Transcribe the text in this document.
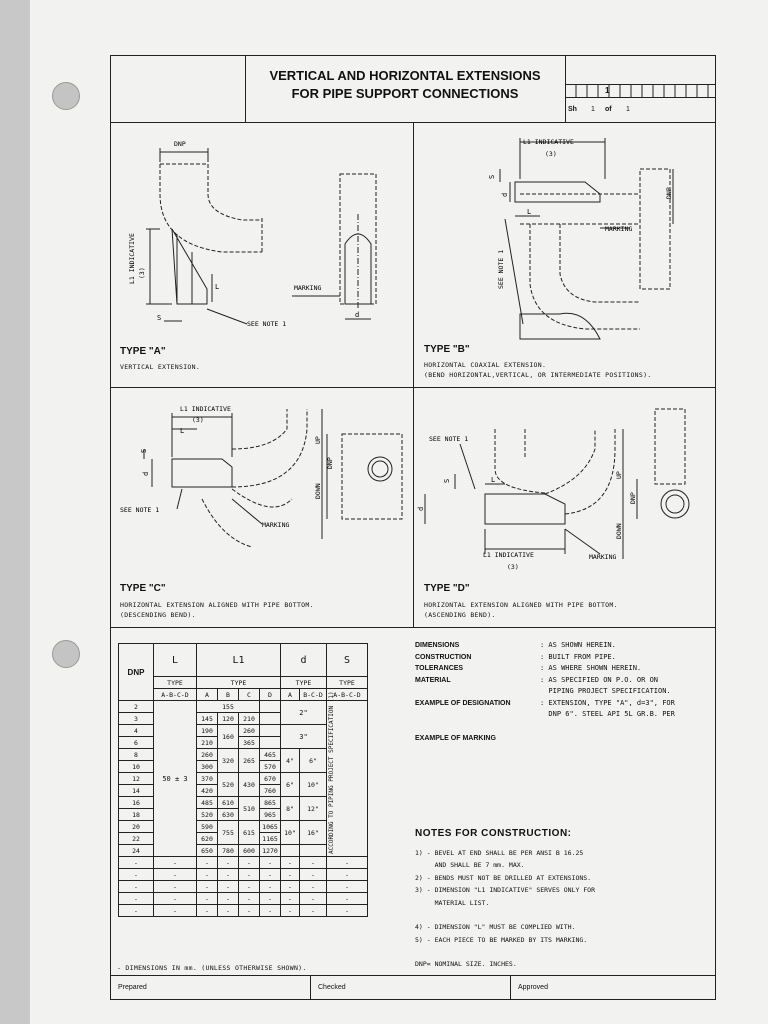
VERTICAL AND HORIZONTAL EXTENSIONS
FOR PIPE SUPPORT CONNECTIONS	1
Sh 1 of 1
DNP
L1 INDICATIVE (3)
MARKING
SEE NOTE 1
S	d
L
TYPE "A"
VERTICAL EXTENSION.
L1 INDICATIVE
(3)
S
d
L
MARKING
SEE NOTE 1
DNP
TYPE "B"
HORIZONTAL COAXIAL EXTENSION.
(BEND HORIZONTAL,VERTICAL, OR INTERMEDIATE POSITIONS).
L1 INDICATIVE
(3)
L
S
d
DNP
UP
DOWN
SEE NOTE 1
MARKING
TYPE "C"
HORIZONTAL EXTENSION ALIGNED WITH PIPE BOTTOM.
(DESCENDING BEND).
SEE NOTE 1
S
d
L
L1 INDICATIVE
(3)
MARKING
UP
DOWN
DNP
TYPE "D"
HORIZONTAL EXTENSION ALIGNED WITH PIPE BOTTOM.
(ASCENDING BEND).
DNP	L	L1				d		S
	TYPE	TYPE				TYPE		TYPE
	A-B-C-D	A	B	C	D	A	B-C-D	A-B-C-D
2	50 ± 3	155				2"		ACCORDING TO PIPING PROJECT SPECIFICATION (1)

3		145	120	210				
4		190	160	260		3"		
6		210		365				
8		260	320	265	465	4"	6"	
10		300			570			
12		370	520	430	670	6"	10"	
14		420			760			
16		485	610	510	865	8"	12"	
18		520	630		965			
20		590	755	615	1065	10"	16"	
22		620			1165			
24		650	780	600	1270			
-	-	-	-	-	-	-	-	-
-	-	-	-	-	-	-	-	-
-	-	-	-	-	-	-	-	-
-	-	-	-	-	-	-	-	-
-	-	-	-	-	-	-	-	-
- DIMENSIONS IN mm. (UNLESS OTHERWISE SHOWN).
DIMENSIONS	: AS SHOWN HEREIN.
CONSTRUCTION	: BUILT FROM PIPE.
TOLERANCES	: AS WHERE SHOWN HEREIN.
MATERIAL	: AS SPECIFIED ON P.O. OR ON
PIPING PROJECT SPECIFICATION.
EXAMPLE OF DESIGNATION	: EXTENSION, TYPE "A", d=3", FOR
DNP 6". STEEL API 5L GR.B. PER
EXAMPLE OF MARKING
NOTES FOR CONSTRUCTION:
1) - BEVEL AT END SHALL BE PER ANSI B 16.25
AND SHALL BE 7 mm. MAX.
2) - BENDS MUST NOT BE DRILLED AT EXTENSIONS.
3) - DIMENSION "L1 INDICATIVE" SERVES ONLY FOR
MATERIAL LIST.
4) - DIMENSION "L" MUST BE COMPLIED WITH.
5) - EACH PIECE TO BE MARKED BY ITS MARKING.
DNP= NOMINAL SIZE. INCHES.
Prepared	Checked	Approved
